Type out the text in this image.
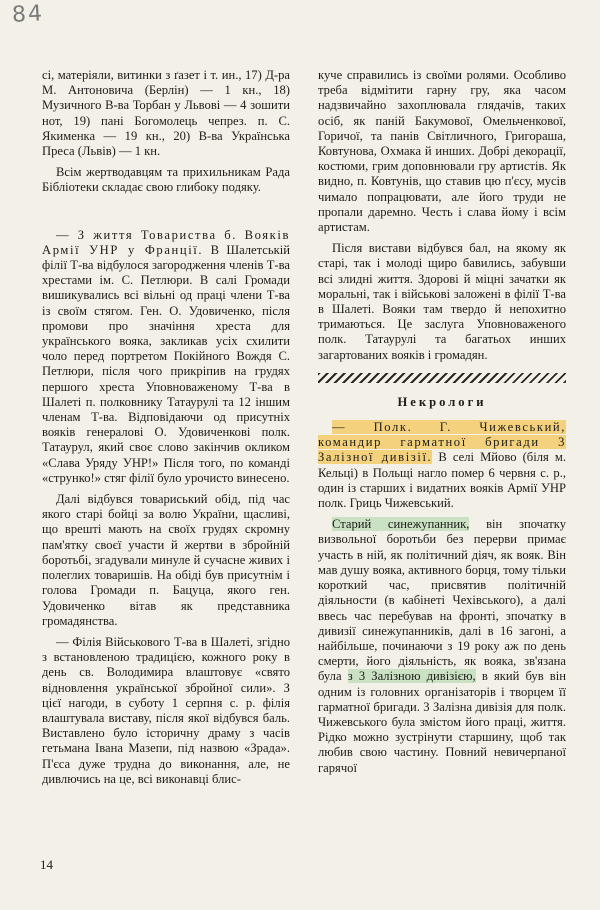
84

сі, матеріяли, витинки з ґазет і т. ин., 17) Д-ра М. Антоновича (Берлін) — 1 кн., 18) Музичного В-ва Торбан у Львові — 4 зошити нот, 19) пані Богомолець чепрез. п. С. Якименка — 19 кн., 20) В-ва Українська Преса (Львів) — 1 кн.

Всім жертводавцям та прихильникам Рада Бібліотеки складає свою глибоку подяку.

— З життя Товариства б. Вояків Армії УНР у Франції. В Шалетській філії Т-ва відбулося загородження членів Т-ва хрестами ім. С. Петлюри. В салі Громади вишикувались всі вільні од праці члени Т-ва із своїм стягом. Ген. О. Удовиченко, після промови про значіння хреста для українського вояка, закликав усіх схилити чоло перед портретом Покійного Вождя С. Петлюри, після чого прикріпив на грудях першого хреста Уповноваженому Т-ва в Шалеті п. полковнику Татаурулі та 12 іншим членам Т-ва. Відповідаючи од присутніх вояків генералові О. Удовиченкові полк. Татаурул, який своє слово закінчив окликом «Слава Уряду УНР!» Після того, по команді «струнко!» стяг філії було урочисто винесено.

Далі відбувся товариський обід, під час якого старі бойці за волю України, щасливі, що врешті мають на своїх грудях скромну пам'ятку своєї участи й жертви в збройній боротьбі, згадували минуле й сучасне живих і полеглих товаришів. На обіді був присутнім і голова Громади п. Бацуца, якого ген. Удовиченко вітав як представника громадянства.

— Філія Військового Т-ва в Шалеті, згідно з встановленою традицією, кожного року в день св. Володимира влаштовує «свято відновлення української збройної сили». З цієї нагоди, в суботу 1 серпня с. р. філія влаштувала виставу, після якої відбувся баль. Виставлено було історичну драму з часів гетьмана Івана Мазепи, під назвою «Зрада». П'єса дуже трудна до виконання, але, не дивлючись на це, всі виконавці блис-

куче справились із своїми ролями. Особливо треба відмітити гарну гру, яка часом надзвичайно захоплювала глядачів, таких осіб, як паній Бакумової, Омельченкової, Горичої, та панів Світличного, Григораша, Ковтунова, Охмака й инших. Добрі декорації, костюми, грим доповнювали гру артистів. Як видно, п. Ковтунів, що ставив цю п'єсу, мусів чимало попрацювати, але його труди не пропали даремно. Честь і слава йому і всім артистам.

Після вистави відбувся бал, на якому як старі, так і молоді щиро бавились, забувши всі злидні життя. Здорові й міцні зачатки як моральні, так і військові заложені в філії Т-ва в Шалеті. Вояки там твердо й непохитно тримаються. Це заслуга Уповноваженого полк. Татаурулі та багатьох инших загартованих вояків і громадян.

Некрологи

— Полк. Г. Чижевський, командир гарматної бригади 3 Залізної дивізії. В селі Мйово (біля м. Кельці) в Польщі нагло помер 6 червня с. р., один із старших і видатних вояків Армії УНР полк. Гриць Чижевський.

Старий синежупанник, він зпочатку визвольної боротьби без перерви примає участь в ній, як політичний діяч, як вояк. Він мав душу вояка, активного борця, тому тільки короткий час, присвятив політичній діяльности (в кабінеті Чехівського), а далі ввесь час перебував на фронті, зпочатку в дивизії синежупанників, далі в 16 загоні, а найбільше, починаючи з 19 року аж по день смерти, його діяльність, як вояка, зв'язана була з 3 Залізною дивізією, в який був він одним із головних організаторів і творцем її гарматної бригади. 3 Залізна дивізія для полк. Чижевського була змістом його праці, життя. Рідко можно зустрінути старшину, щоб так любив свою частину. Повний невичерпаної гарячої

14
